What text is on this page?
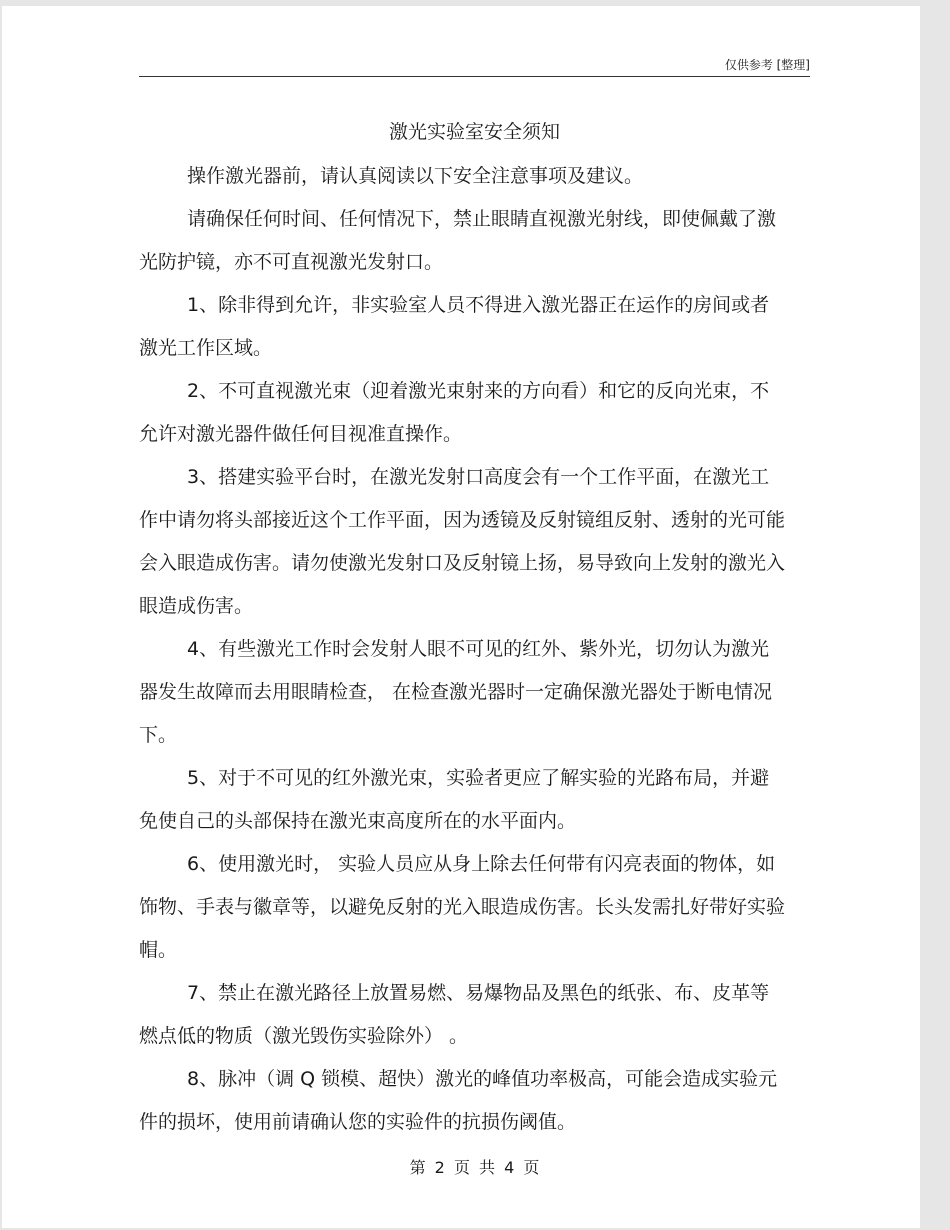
仅供参考 [整理]
激光实验室安全须知

操作激光器前，请认真阅读以下安全注意事项及建议。

请确保任何时间、任何情况下，禁止眼睛直视激光射线，即使佩戴了激光防护镜，亦不可直视激光发射口。

1、除非得到允许，非实验室人员不得进入激光器正在运作的房间或者激光工作区域。

2、不可直视激光束（迎着激光束射来的方向看）和它的反向光束，不允许对激光器件做任何目视准直操作。

3、搭建实验平台时，在激光发射口高度会有一个工作平面，在激光工作中请勿将头部接近这个工作平面，因为透镜及反射镜组反射、透射的光可能会入眼造成伤害。请勿使激光发射口及反射镜上扬，易导致向上发射的激光入眼造成伤害。

4、有些激光工作时会发射人眼不可见的红外、紫外光，切勿认为激光器发生故障而去用眼睛检查， 在检查激光器时一定确保激光器处于断电情况下。

5、对于不可见的红外激光束，实验者更应了解实验的光路布局，并避免使自己的头部保持在激光束高度所在的水平面内。

6、使用激光时， 实验人员应从身上除去任何带有闪亮表面的物体，如饰物、手表与徽章等，以避免反射的光入眼造成伤害。长头发需扎好带好实验帽。

7、禁止在激光路径上放置易燃、易爆物品及黑色的纸张、布、皮革等燃点低的物质（激光毁伤实验除外） 。

8、脉冲（调 Q 锁模、超快）激光的峰值功率极高，可能会造成实验元件的损坏，使用前请确认您的实验件的抗损伤阈值。

第 2 页 共 4 页
